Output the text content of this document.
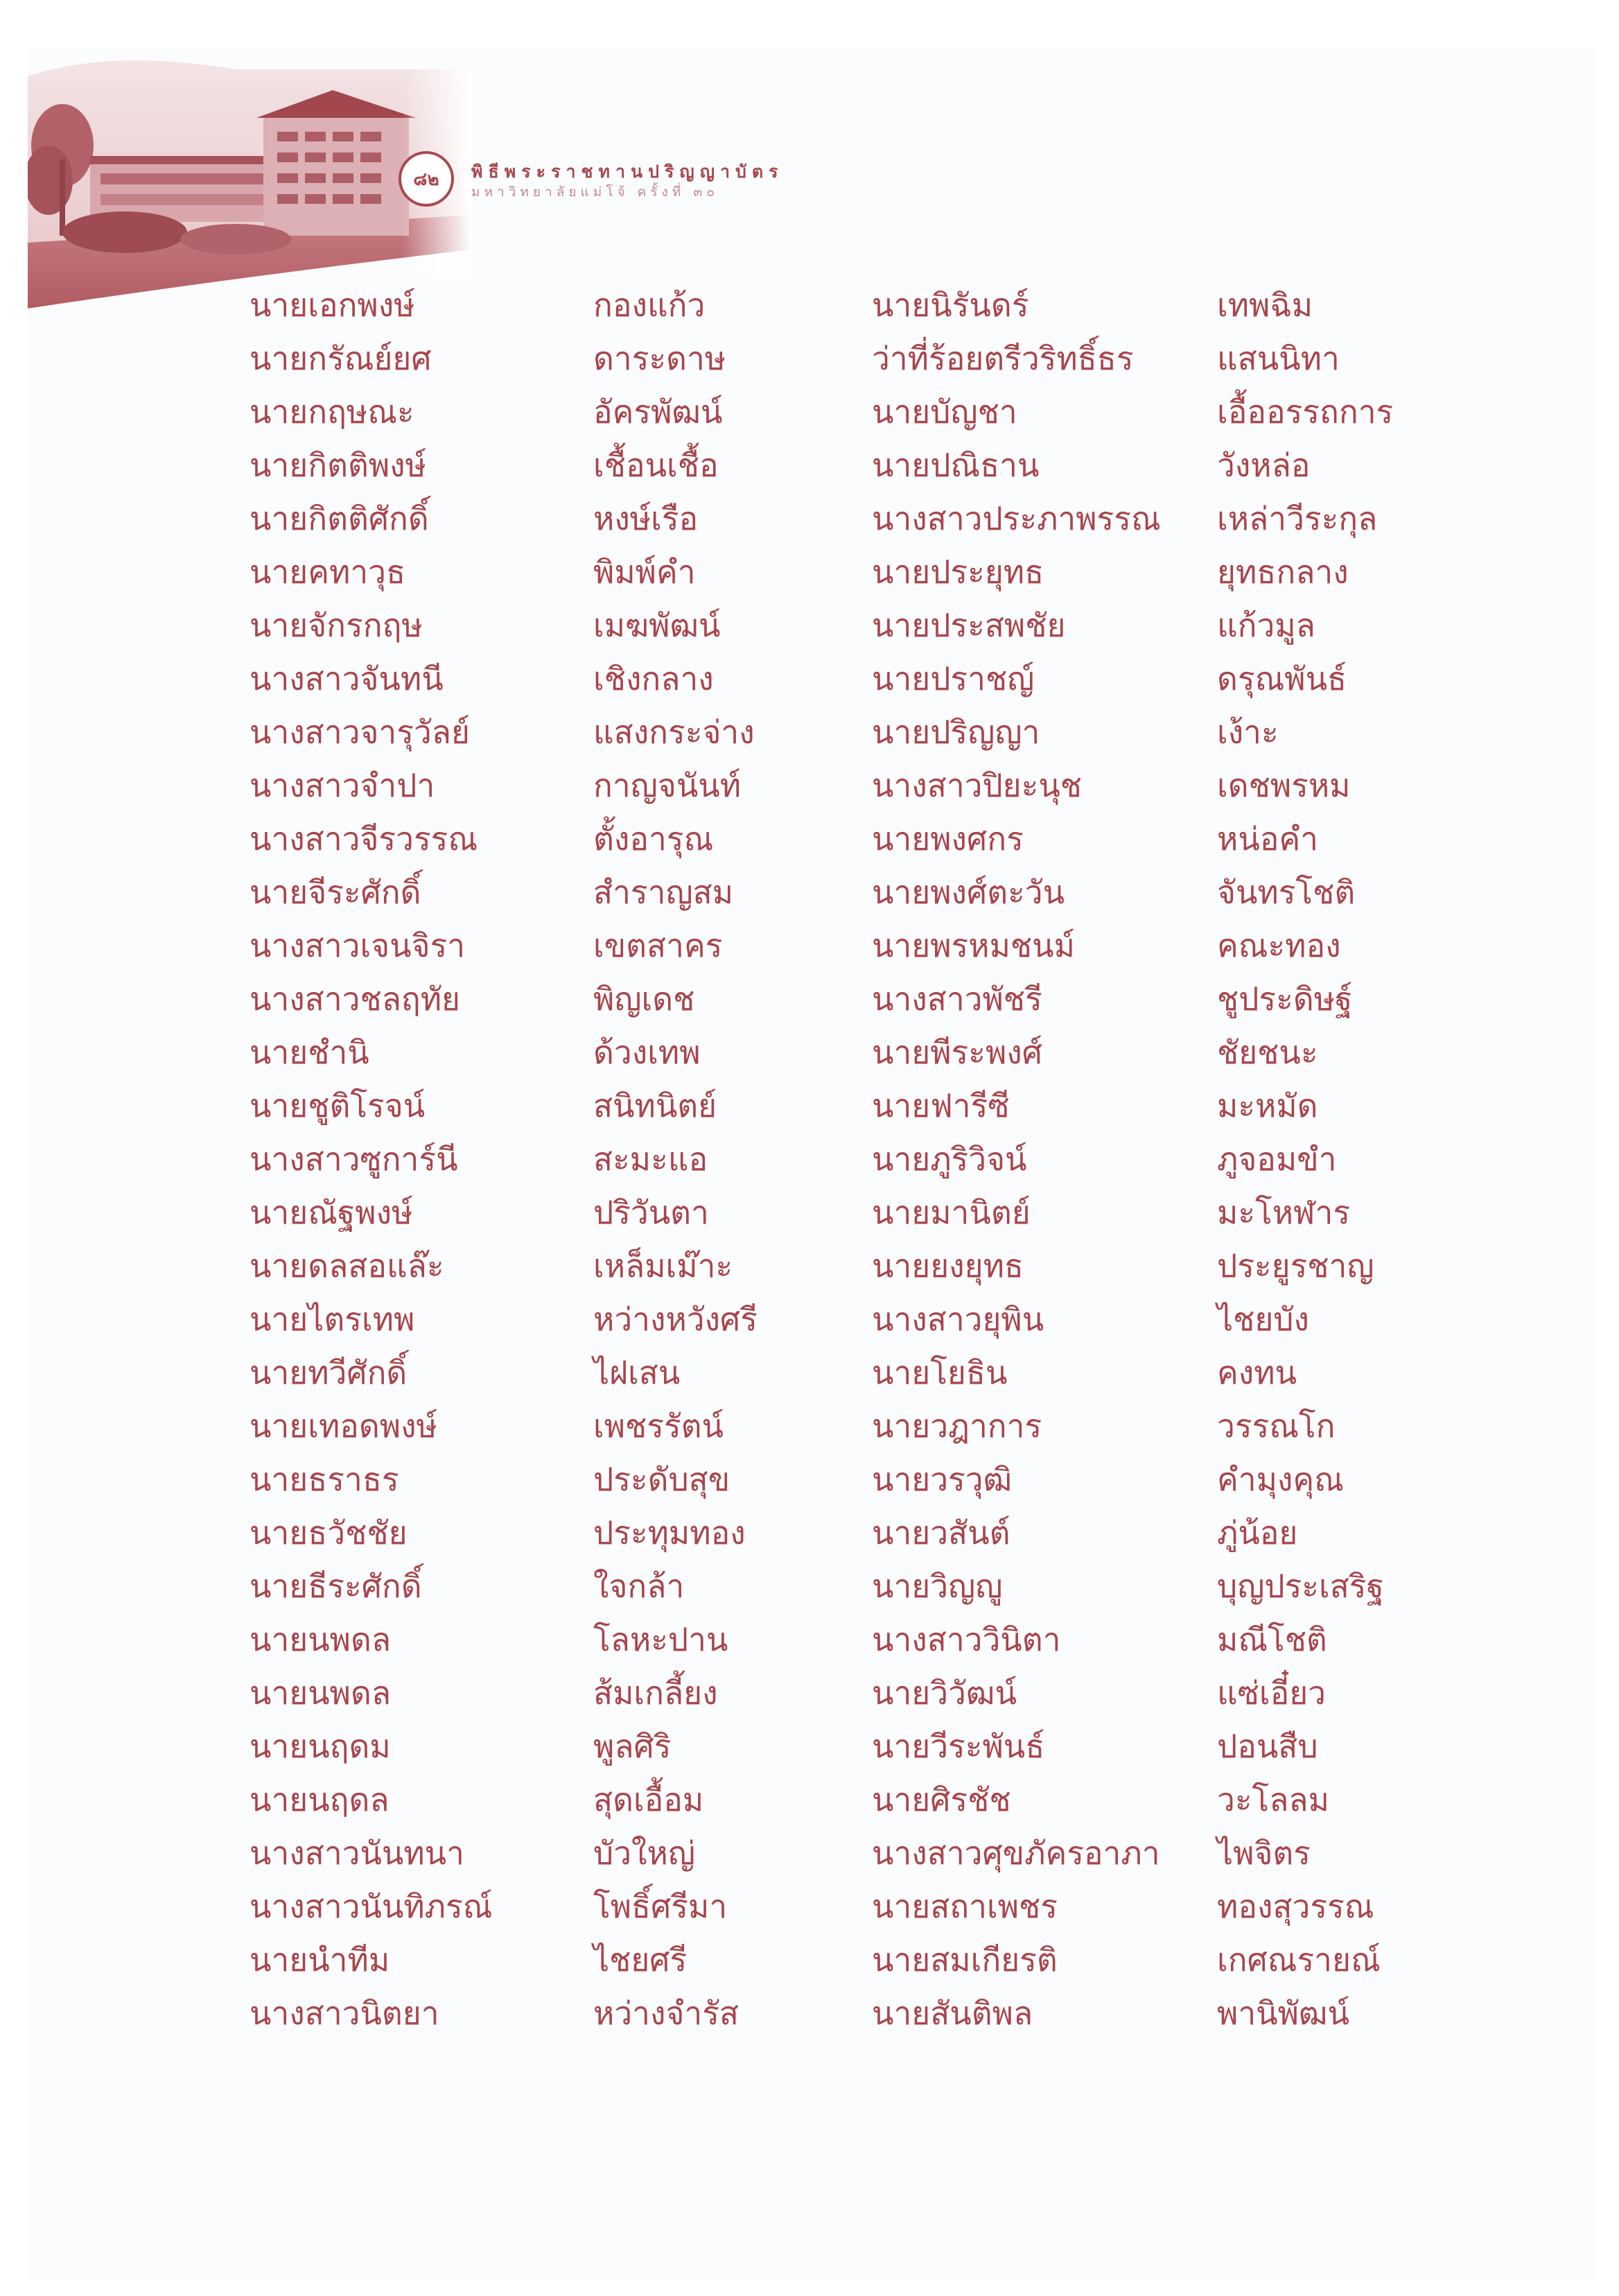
๘๒	พิธีพระราชทานปริญญาบัตร
มหาวิทยาลัยแม่โจ้ ครั้งที่ ๓๐
นายเอกพงษ์	กองแก้ว	นายนิรันดร์	เทพฉิม
นายกรัณย์ยศ	ดาระดาษ	ว่าที่ร้อยตรีวริทธิ์ธร	แสนนิทา
นายกฤษณะ	อัครพัฒน์	นายบัญชา	เอื้ออรรถการ
นายกิตติพงษ์	เชื้อนเชื้อ	นายปณิธาน	วังหล่อ
นายกิตติศักดิ์	หงษ์เรือ	นางสาวประภาพรรณ เหล่าวีระกุล
นายคทาวุธ	พิมพ์คำ	นายประยุทธ	ยุทธกลาง
นายจักรกฤษ	เมฆพัฒน์	นายประสพชัย	แก้วมูล
นางสาวจันทนี	เชิงกลาง	นายปราชญ์	ดรุณพันธ์
นางสาวจารุวัลย์	แสงกระจ่าง	นายปริญญา	เง้าะ
นางสาวจำปา	กาญจนันท์	นางสาวปิยะนุช	เดชพรหม
นางสาวจีรวรรณ	ตั้งอารุณ	นายพงศกร	หน่อคำ
นายจีระศักดิ์	สำราญสม	นายพงศ์ตะวัน	จันทรโชติ
นางสาวเจนจิรา	เขตสาคร	นายพรหมชนม์	คณะทอง
นางสาวชลฤทัย	พิญเดช	นางสาวพัชรี	ชูประดิษฐ์
นายชำนิ	ด้วงเทพ	นายพีระพงศ์	ชัยชนะ
นายชูติโรจน์	สนิทนิตย์	นายฟารีซี	มะหมัด
นางสาวซูการ์นี	สะมะแอ	นายภูริวิจน์	ภูจอมขำ
นายณัฐพงษ์	ปริวันตา	นายมานิตย์	มะโหฬาร
นายดลสอแล๊ะ	เหล็มเม๊าะ	นายยงยุทธ	ประยูรชาญ
นายไตรเทพ	หว่างหวังศรี	นางสาวยุพิน	ไชยบัง
นายทวีศักดิ์	ไฝเสน	นายโยธิน	คงทน
นายเทอดพงษ์	เพชรรัตน์	นายวฎาการ	วรรณโก
นายธราธร	ประดับสุข	นายวรวุฒิ	คำมุงคุณ
นายธวัชชัย	ประทุมทอง	นายวสันต์	ภู่น้อย
นายธีระศักดิ์	ใจกล้า	นายวิญญู	บุญประเสริฐ
นายนพดล	โลหะปาน	นางสาววินิตา	มณีโชติ
นายนพดล	ส้มเกลี้ยง	นายวิวัฒน์	แซ่เอี๋ยว
นายนฤดม	พูลศิริ	นายวีระพันธ์	ปอนสืบ
นายนฤดล	สุดเอื้อม	นายศิรชัช	วะโลลม
นางสาวนันทนา	บัวใหญ่	นางสาวศุขภัครอาภา ไพจิตร
นางสาวนันทิภรณ์	โพธิ์ศรีมา	นายสถาเพชร	ทองสุวรรณ
นายนำทีม	ไชยศรี	นายสมเกียรติ	เกศณรายณ์
นางสาวนิตยา	หว่างจำรัส	นายสันติพล	พานิพัฒน์
